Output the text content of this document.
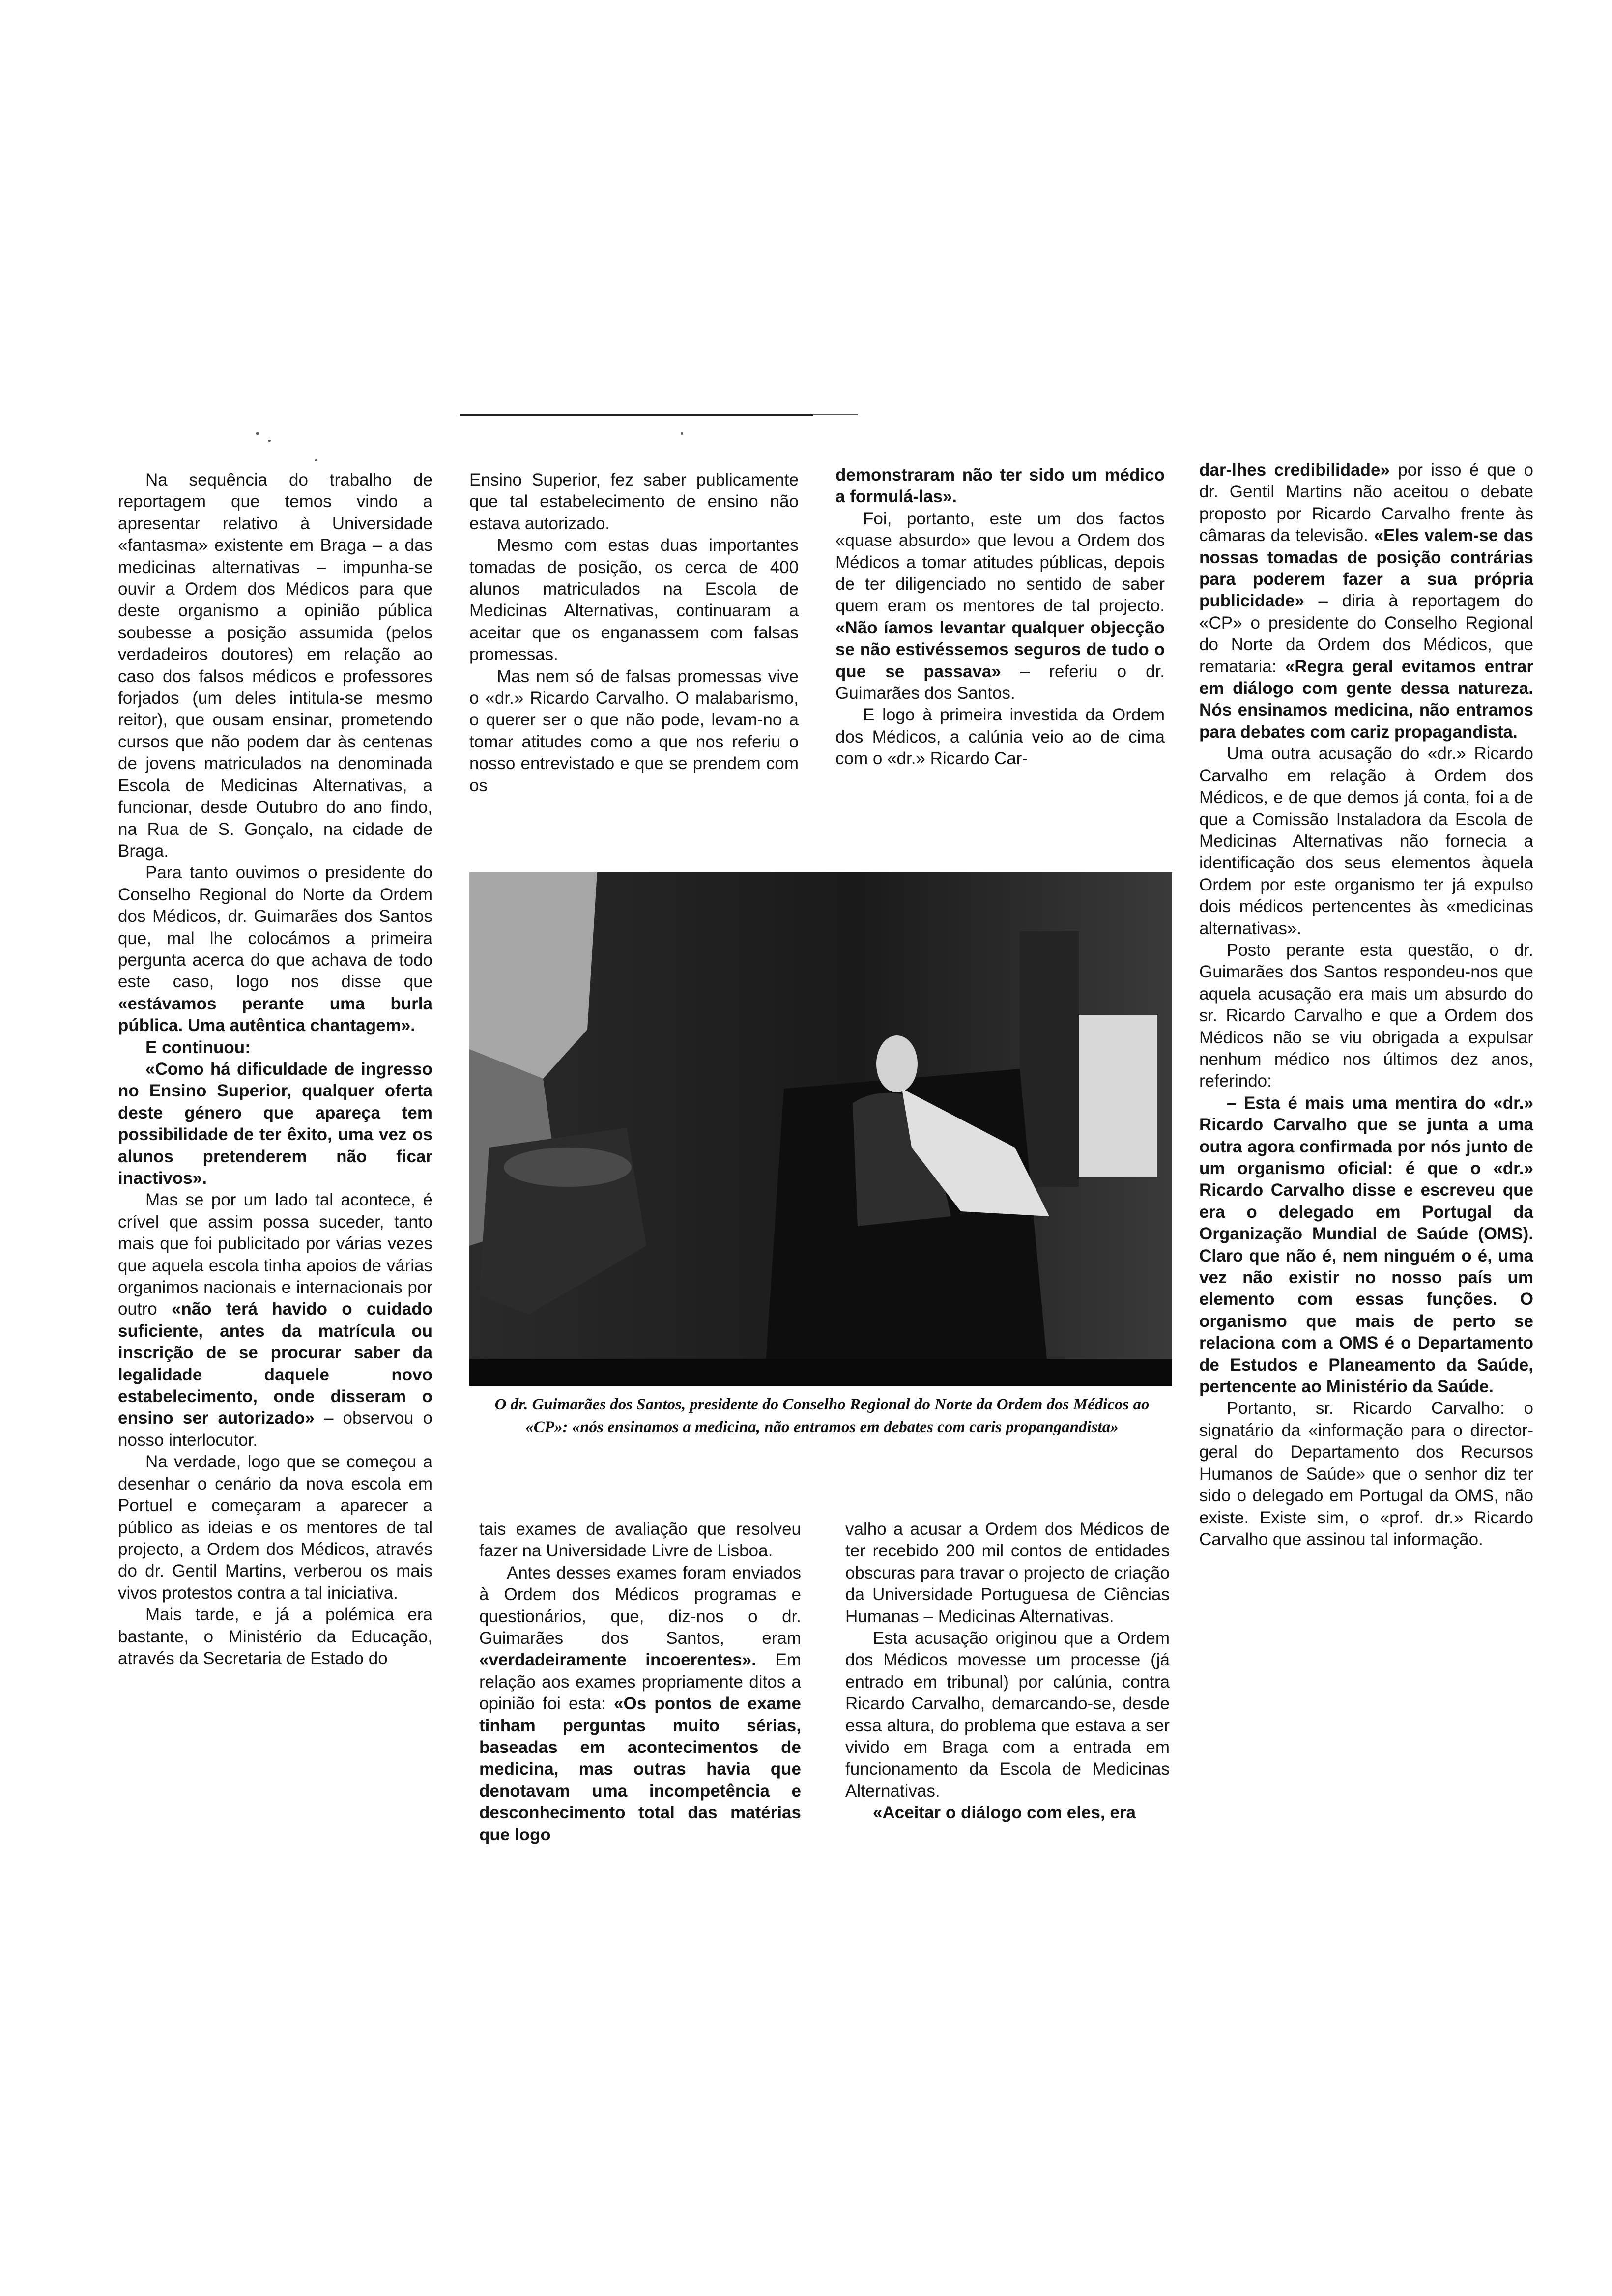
Na sequência do trabalho de reportagem que temos vindo a apresentar relativo à Universidade «fantasma» existente em Braga – a das medicinas alternativas – impunha-se ouvir a Ordem dos Médicos para que deste organismo a opinião pública soubesse a posição assumida (pelos verdadeiros doutores) em relação ao caso dos falsos médicos e professores forjados (um deles intitula-se mesmo reitor), que ousam ensinar, prometendo cursos que não podem dar às centenas de jovens matriculados na denominada Escola de Medicinas Alternativas, a funcionar, desde Outubro do ano findo, na Rua de S. Gonçalo, na cidade de Braga.

Para tanto ouvimos o presidente do Conselho Regional do Norte da Ordem dos Médicos, dr. Guimarães dos Santos que, mal lhe colocámos a primeira pergunta acerca do que achava de todo este caso, logo nos disse que «estávamos perante uma burla pública. Uma autêntica chantagem».

E continuou:

«Como há dificuldade de ingresso no Ensino Superior, qualquer oferta deste género que apareça tem possibilidade de ter êxito, uma vez os alunos pretenderem não ficar inactivos».

Mas se por um lado tal acontece, é crível que assim possa suceder, tanto mais que foi publicitado por várias vezes que aquela escola tinha apoios de várias organimos nacionais e internacionais por outro «não terá havido o cuidado suficiente, antes da matrícula ou inscrição de se procurar saber da legalidade daquele novo estabelecimento, onde disseram o ensino ser autorizado» – observou o nosso interlocutor.

Na verdade, logo que se começou a desenhar o cenário da nova escola em Portuel e começaram a aparecer a público as ideias e os mentores de tal projecto, a Ordem dos Médicos, através do dr. Gentil Martins, verberou os mais vivos protestos contra a tal iniciativa.

Mais tarde, e já a polémica era bastante, o Ministério da Educação, através da Secretaria de Estado do

Ensino Superior, fez saber publicamente que tal estabelecimento de ensino não estava autorizado.

Mesmo com estas duas importantes tomadas de posição, os cerca de 400 alunos matriculados na Escola de Medicinas Alternativas, continuaram a aceitar que os enganassem com falsas promessas.

Mas nem só de falsas promessas vive o «dr.» Ricardo Carvalho. O malabarismo, o querer ser o que não pode, levam-no a tomar atitudes como a que nos referiu o nosso entrevistado e que se prendem com os

demonstraram não ter sido um médico a formulá-las».

Foi, portanto, este um dos factos «quase absurdo» que levou a Ordem dos Médicos a tomar atitudes públicas, depois de ter diligenciado no sentido de saber quem eram os mentores de tal projecto. «Não íamos levantar qualquer objecção se não estivéssemos seguros de tudo o que se passava» – referiu o dr. Guimarães dos Santos.

E logo à primeira investida da Ordem dos Médicos, a calúnia veio ao de cima com o «dr.» Ricardo Car-

O dr. Guimarães dos Santos, presidente do Conselho Regional do Norte da Ordem dos Médicos ao «CP»: «nós ensinamos a medicina, não entramos em debates com caris propangandista»

tais exames de avaliação que resolveu fazer na Universidade Livre de Lisboa.

Antes desses exames foram enviados à Ordem dos Médicos programas e questionários, que, diz-nos o dr. Guimarães dos Santos, eram «verdadeiramente incoerentes». Em relação aos exames propriamente ditos a opinião foi esta: «Os pontos de exame tinham perguntas muito sérias, baseadas em acontecimentos de medicina, mas outras havia que denotavam uma incompetência e desconhecimento total das matérias que logo

valho a acusar a Ordem dos Médicos de ter recebido 200 mil contos de entidades obscuras para travar o projecto de criação da Universidade Portuguesa de Ciências Humanas – Medicinas Alternativas.

Esta acusação originou que a Ordem dos Médicos movesse um processe (já entrado em tribunal) por calúnia, contra Ricardo Carvalho, demarcando-se, desde essa altura, do problema que estava a ser vivido em Braga com a entrada em funcionamento da Escola de Medicinas Alternativas.

«Aceitar o diálogo com eles, era

dar-lhes credibilidade» por isso é que o dr. Gentil Martins não aceitou o debate proposto por Ricardo Carvalho frente às câmaras da televisão. «Eles valem-se das nossas tomadas de posição contrárias para poderem fazer a sua própria publicidade» – diria à reportagem do «CP» o presidente do Conselho Regional do Norte da Ordem dos Médicos, que remataria: «Regra geral evitamos entrar em diálogo com gente dessa natureza. Nós ensinamos medicina, não entramos para debates com cariz propagandista.

Uma outra acusação do «dr.» Ricardo Carvalho em relação à Ordem dos Médicos, e de que demos já conta, foi a de que a Comissão Instaladora da Escola de Medicinas Alternativas não fornecia a identificação dos seus elementos àquela Ordem por este organismo ter já expulso dois médicos pertencentes às «medicinas alternativas».

Posto perante esta questão, o dr. Guimarães dos Santos respondeu-nos que aquela acusação era mais um absurdo do sr. Ricardo Carvalho e que a Ordem dos Médicos não se viu obrigada a expulsar nenhum médico nos últimos dez anos, referindo:

– Esta é mais uma mentira do «dr.» Ricardo Carvalho que se junta a uma outra agora confirmada por nós junto de um organismo oficial: é que o «dr.» Ricardo Carvalho disse e escreveu que era o delegado em Portugal da Organização Mundial de Saúde (OMS). Claro que não é, nem ninguém o é, uma vez não existir no nosso país um elemento com essas funções. O organismo que mais de perto se relaciona com a OMS é o Departamento de Estudos e Planeamento da Saúde, pertencente ao Ministério da Saúde.

Portanto, sr. Ricardo Carvalho: o signatário da «informação para o director-geral do Departamento dos Recursos Humanos de Saúde» que o senhor diz ter sido o delegado em Portugal da OMS, não existe. Existe sim, o «prof. dr.» Ricardo Carvalho que assinou tal informação.
